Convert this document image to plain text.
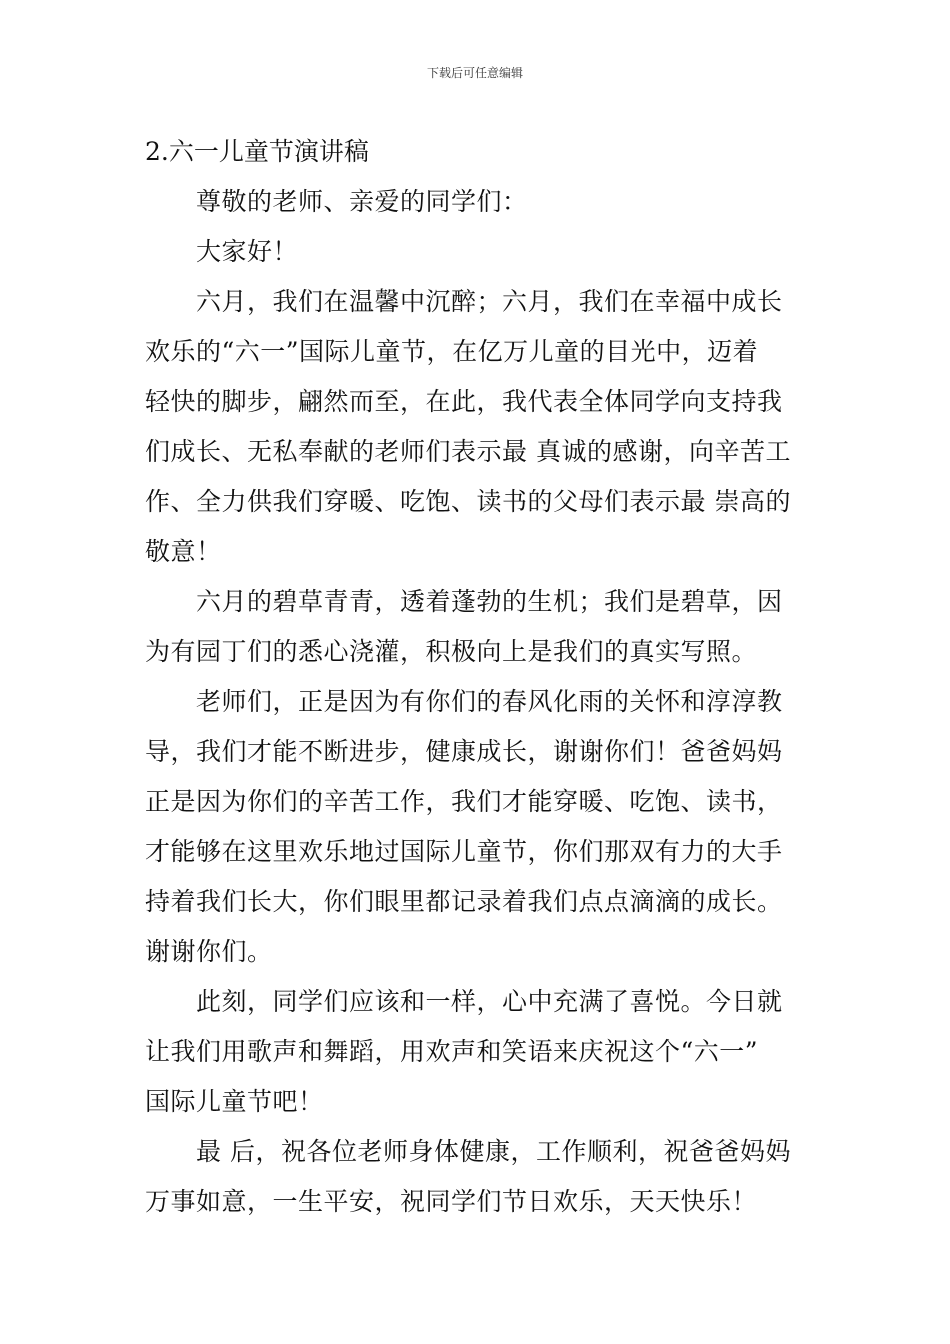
下载后可任意编辑
2.六一儿童节演讲稿
尊敬的老师、亲爱的同学们：
大家好！
六月，我们在温馨中沉醉；六月，我们在幸福中成长
欢乐的“六一”国际儿童节，在亿万儿童的目光中，迈着
轻快的脚步，翩然而至，在此，我代表全体同学向支持我
们成长、无私奉献的老师们表示最 真诚的感谢，向辛苦工
作、全力供我们穿暖、吃饱、读书的父母们表示最 崇高的
敬意！
六月的碧草青青，透着蓬勃的生机；我们是碧草，因
为有园丁们的悉心浇灌，积极向上是我们的真实写照。
老师们，正是因为有你们的春风化雨的关怀和淳淳教
导，我们才能不断进步，健康成长，谢谢你们！爸爸妈妈
正是因为你们的辛苦工作，我们才能穿暖、吃饱、读书，
才能够在这里欢乐地过国际儿童节，你们那双有力的大手
持着我们长大，你们眼里都记录着我们点点滴滴的成长。
谢谢你们。
此刻，同学们应该和一样，心中充满了喜悦。今日就
让我们用歌声和舞蹈，用欢声和笑语来庆祝这个“六一”
国际儿童节吧！
最 后，祝各位老师身体健康，工作顺利，祝爸爸妈妈
万事如意，一生平安，祝同学们节日欢乐，天天快乐！
